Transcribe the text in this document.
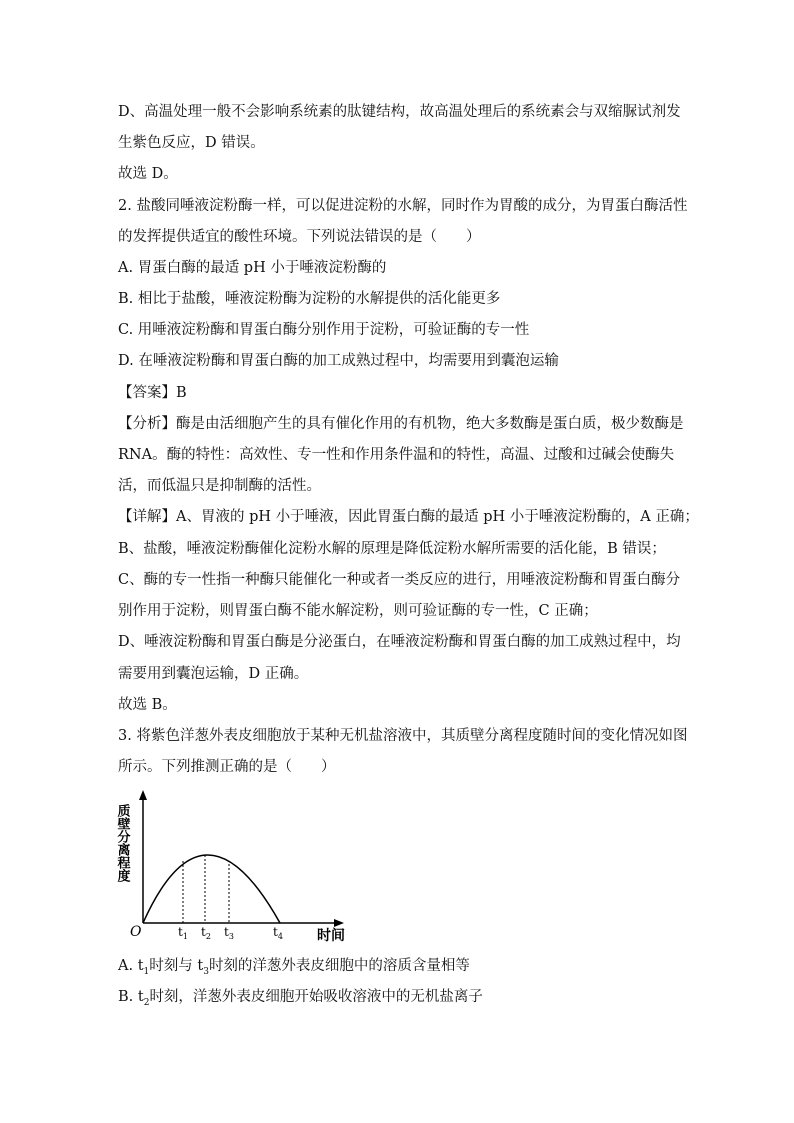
D、高温处理一般不会影响系统素的肽键结构，故高温处理后的系统素会与双缩脲试剂发
生紫色反应，D 错误。
故选 D。
2. 盐酸同唾液淀粉酶一样，可以促进淀粉的水解，同时作为胃酸的成分，为胃蛋白酶活性
的发挥提供适宜的酸性环境。下列说法错误的是（　　）
A. 胃蛋白酶的最适 pH 小于唾液淀粉酶的
B. 相比于盐酸，唾液淀粉酶为淀粉的水解提供的活化能更多
C. 用唾液淀粉酶和胃蛋白酶分别作用于淀粉，可验证酶的专一性
D. 在唾液淀粉酶和胃蛋白酶的加工成熟过程中，均需要用到囊泡运输
【答案】B
【分析】酶是由活细胞产生的具有催化作用的有机物，绝大多数酶是蛋白质，极少数酶是
RNA。酶的特性：高效性、专一性和作用条件温和的特性，高温、过酸和过碱会使酶失
活，而低温只是抑制酶的活性。
【详解】A、胃液的 pH 小于唾液，因此胃蛋白酶的最适 pH 小于唾液淀粉酶的，A 正确；
B、盐酸，唾液淀粉酶催化淀粉水解的原理是降低淀粉水解所需要的活化能，B 错误；
C、酶的专一性指一种酶只能催化一种或者一类反应的进行，用唾液淀粉酶和胃蛋白酶分
别作用于淀粉，则胃蛋白酶不能水解淀粉，则可验证酶的专一性，C 正确；
D、唾液淀粉酶和胃蛋白酶是分泌蛋白，在唾液淀粉酶和胃蛋白酶的加工成熟过程中，均
需要用到囊泡运输，D 正确。
故选 B。
3. 将紫色洋葱外表皮细胞放于某种无机盐溶液中，其质壁分离程度随时间的变化情况如图
所示。下列推测正确的是（　　）
质壁分离程度
O	$t_1$ $t_2$ $t_3$	$t_4$ 时间
A. $t_1$时刻与 $t_3$时刻的洋葱外表皮细胞中的溶质含量相等
B. $t_2$时刻，洋葱外表皮细胞开始吸收溶液中的无机盐离子
